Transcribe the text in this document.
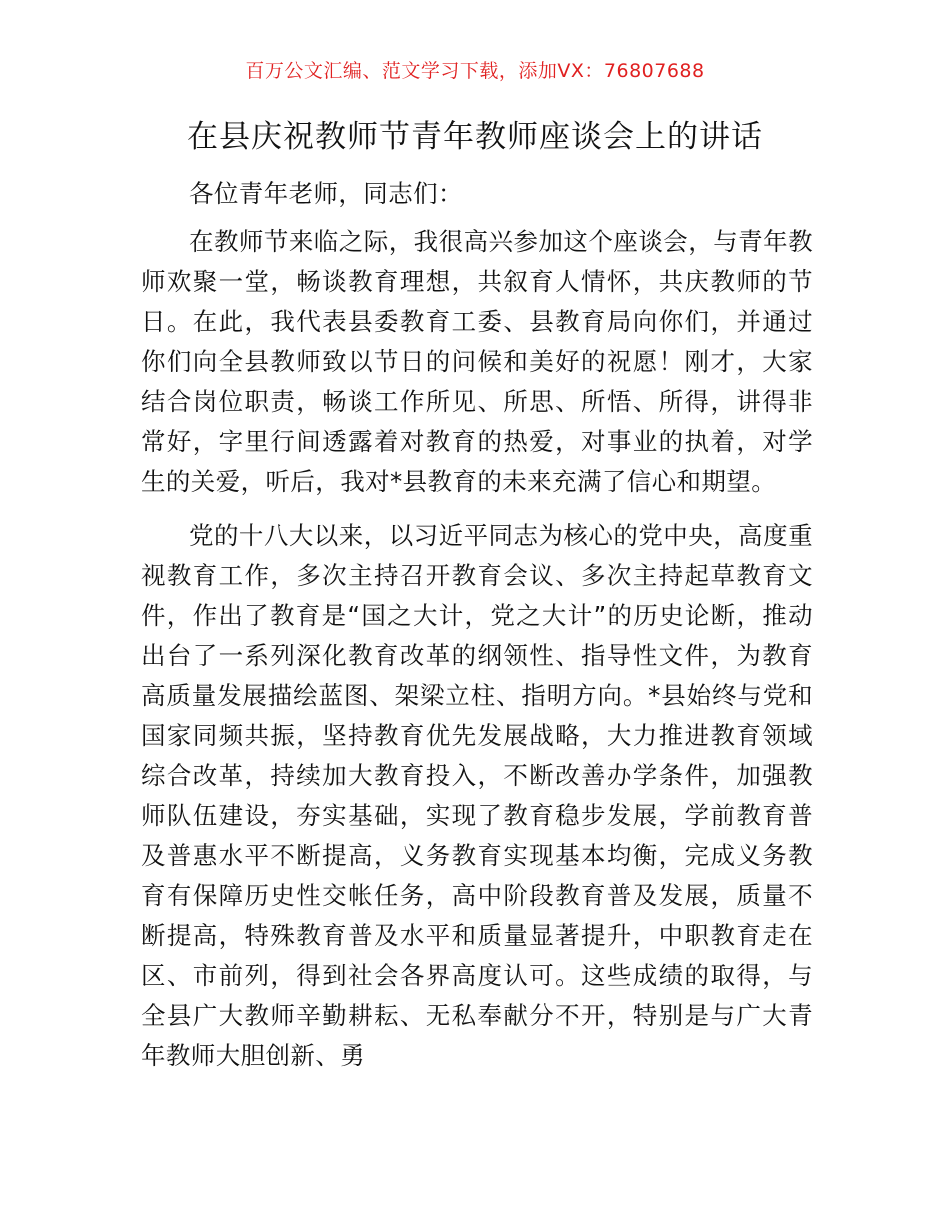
百万公文汇编、范文学习下载，添加VX：76807688
在县庆祝教师节青年教师座谈会上的讲话

各位青年老师，同志们：

在教师节来临之际，我很高兴参加这个座谈会，与青年教师欢聚一堂，畅谈教育理想，共叙育人情怀，共庆教师的节日。在此，我代表县委教育工委、县教育局向你们，并通过你们向全县教师致以节日的问候和美好的祝愿！刚才，大家结合岗位职责，畅谈工作所见、所思、所悟、所得，讲得非常好，字里行间透露着对教育的热爱，对事业的执着，对学生的关爱，听后，我对*县教育的未来充满了信心和期望。

党的十八大以来，以习近平同志为核心的党中央，高度重视教育工作，多次主持召开教育会议、多次主持起草教育文件，作出了教育是“国之大计，党之大计”的历史论断，推动出台了一系列深化教育改革的纲领性、指导性文件，为教育高质量发展描绘蓝图、架梁立柱、指明方向。*县始终与党和国家同频共振，坚持教育优先发展战略，大力推进教育领域综合改革，持续加大教育投入，不断改善办学条件，加强教师队伍建设，夯实基础，实现了教育稳步发展，学前教育普及普惠水平不断提高，义务教育实现基本均衡，完成义务教育有保障历史性交帐任务，高中阶段教育普及发展，质量不断提高，特殊教育普及水平和质量显著提升，中职教育走在区、市前列，得到社会各界高度认可。这些成绩的取得，与全县广大教师辛勤耕耘、无私奉献分不开，特别是与广大青年教师大胆创新、勇
